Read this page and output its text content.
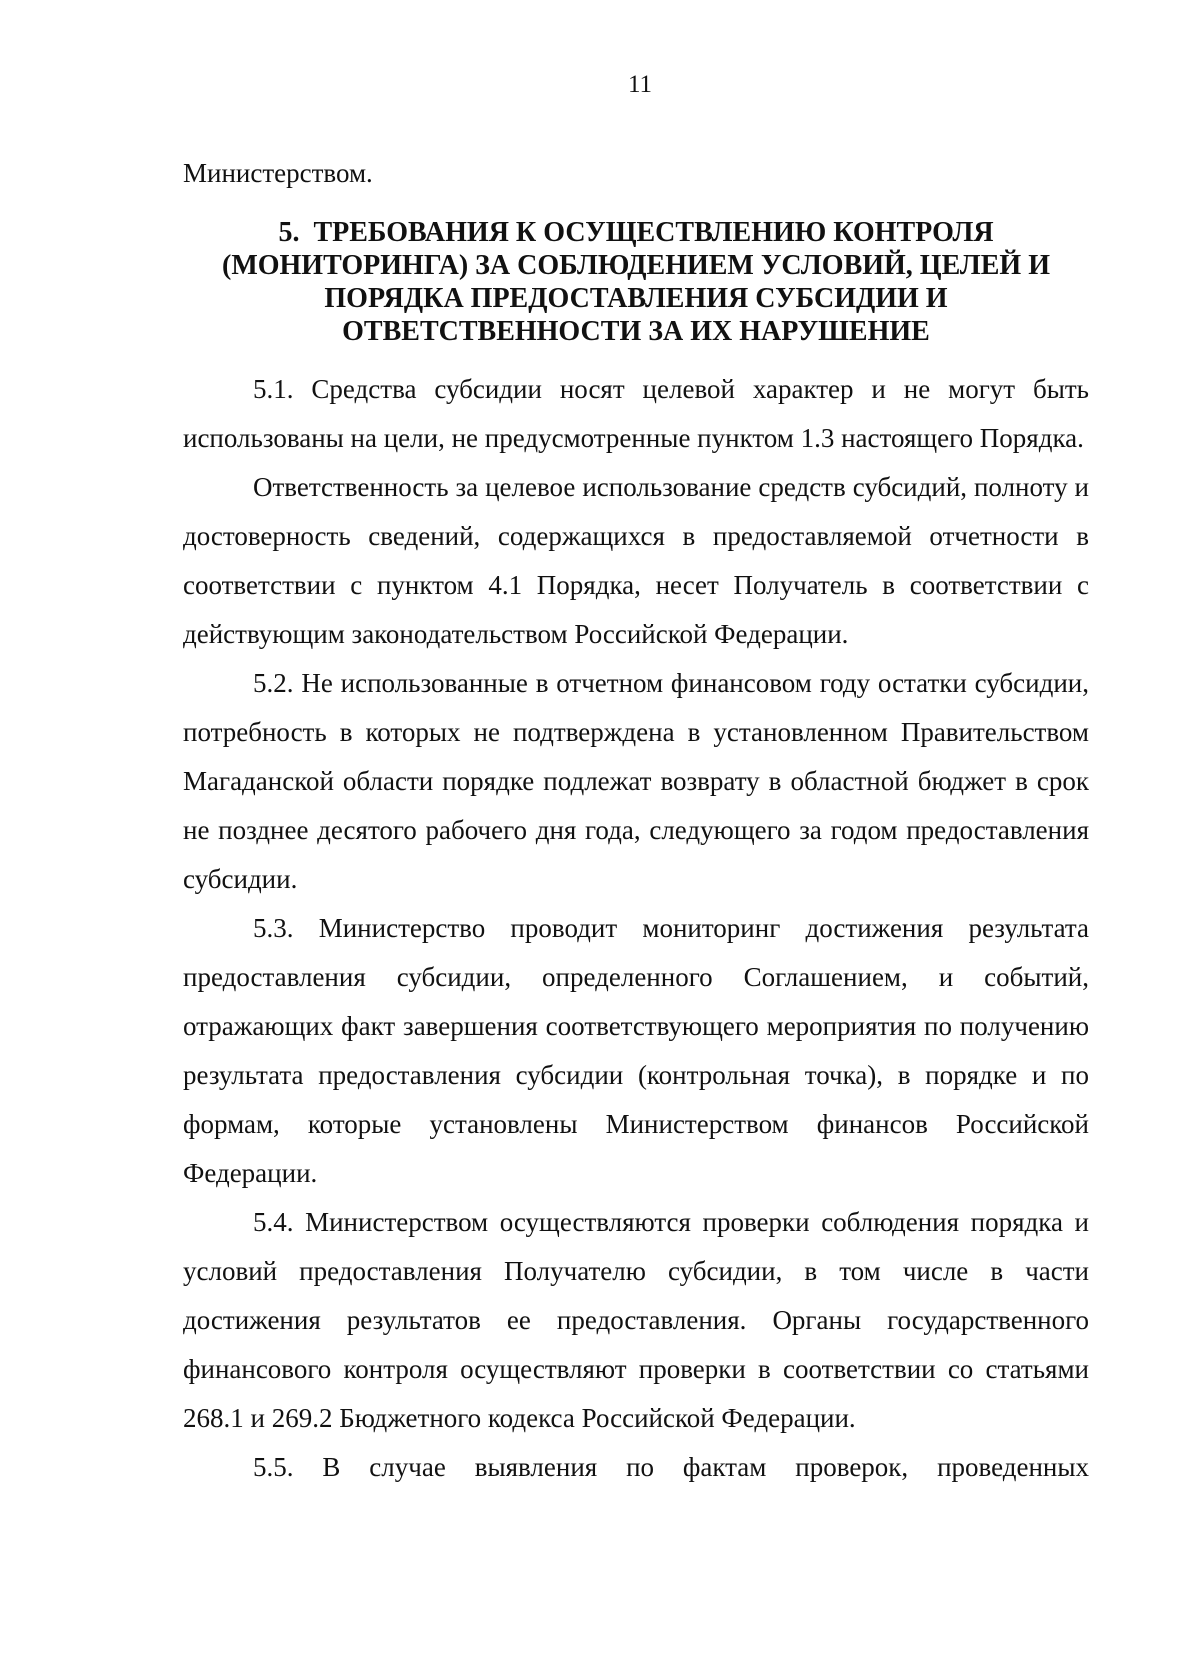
11

Министерством.

5. ТРЕБОВАНИЯ К ОСУЩЕСТВЛЕНИЮ КОНТРОЛЯ
(МОНИТОРИНГА) ЗА СОБЛЮДЕНИЕМ УСЛОВИЙ, ЦЕЛЕЙ И
ПОРЯДКА ПРЕДОСТАВЛЕНИЯ СУБСИДИИ И
ОТВЕТСТВЕННОСТИ ЗА ИХ НАРУШЕНИЕ

5.1. Средства субсидии носят целевой характер и не могут быть использованы на цели, не предусмотренные пунктом 1.3 настоящего Порядка.

Ответственность за целевое использование средств субсидий, полноту и достоверность сведений, содержащихся в предоставляемой отчетности в соответствии с пунктом 4.1 Порядка, несет Получатель в соответствии с действующим законодательством Российской Федерации.

5.2. Не использованные в отчетном финансовом году остатки субсидии, потребность в которых не подтверждена в установленном Правительством Магаданской области порядке подлежат возврату в областной бюджет в срок не позднее десятого рабочего дня года, следующего за годом предоставления субсидии.

5.3. Министерство проводит мониторинг достижения результата предоставления субсидии, определенного Соглашением, и событий, отражающих факт завершения соответствующего мероприятия по получению результата предоставления субсидии (контрольная точка), в порядке и по формам, которые установлены Министерством финансов Российской Федерации.

5.4. Министерством осуществляются проверки соблюдения порядка и условий предоставления Получателю субсидии, в том числе в части достижения результатов ее предоставления. Органы государственного финансового контроля осуществляют проверки в соответствии со статьями 268.1 и 269.2 Бюджетного кодекса Российской Федерации.

5.5. В случае выявления по фактам проверок, проведенных
